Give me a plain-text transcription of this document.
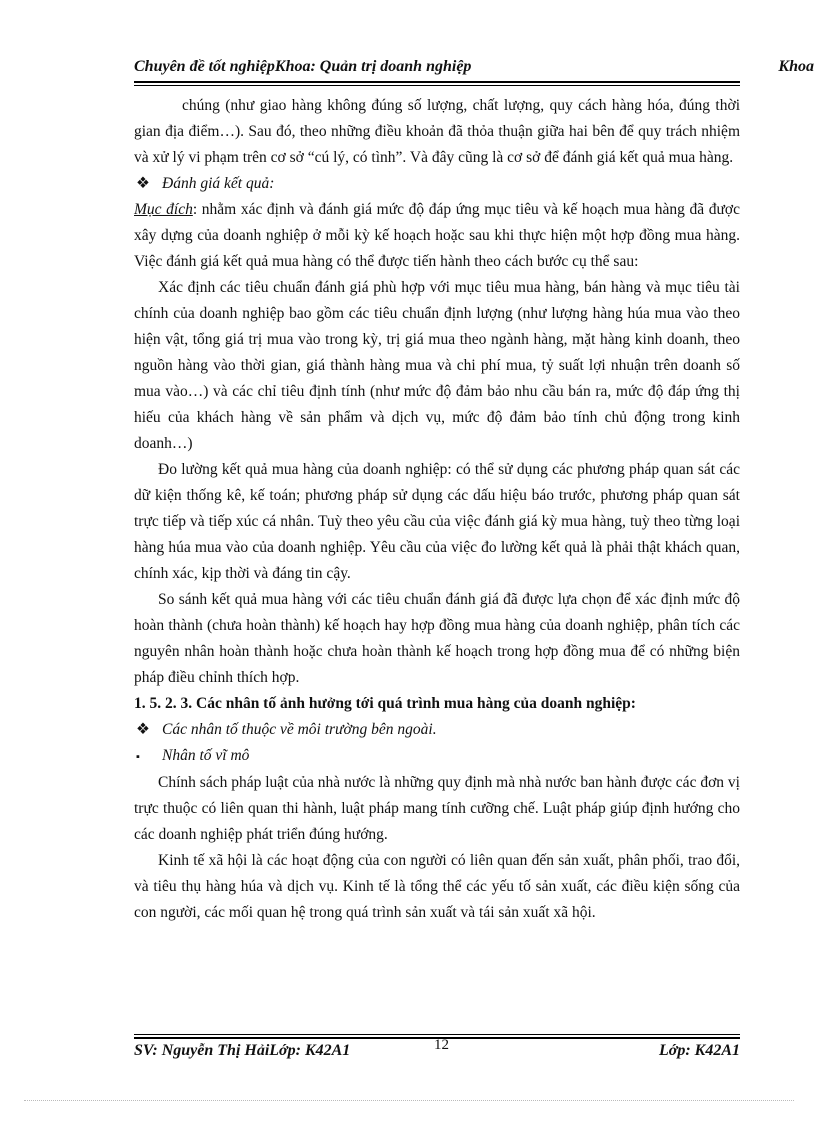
Chuyên đề tốt nghiệpKhoa: Quản trị doanh nghiệp	Khoa

chúng (như giao hàng không đúng số lượng, chất lượng, quy cách hàng hóa, đúng thời gian địa điểm…). Sau đó, theo những điều khoản đã thỏa thuận giữa hai bên để quy trách nhiệm và xử lý vi phạm trên cơ sở “cú lý, có tình”. Và đây cũng là cơ sở để đánh giá kết quả mua hàng.

❖ Đánh giá kết quả:

Mục đích: nhằm xác định và đánh giá mức độ đáp ứng mục tiêu và kế hoạch mua hàng đã được xây dựng của doanh nghiệp ở mỗi kỳ kế hoạch hoặc sau khi thực hiện một hợp đồng mua hàng. Việc đánh giá kết quả mua hàng có thể được tiến hành theo cách bước cụ thể sau:

Xác định các tiêu chuẩn đánh giá phù hợp với mục tiêu mua hàng, bán hàng và mục tiêu tài chính của doanh nghiệp bao gồm các tiêu chuẩn định lượng (như lượng hàng húa mua vào theo hiện vật, tổng giá trị mua vào trong kỳ, trị giá mua theo ngành hàng, mặt hàng kinh doanh, theo nguồn hàng vào thời gian, giá thành hàng mua và chi phí mua, tỷ suất lợi nhuận trên doanh số mua vào…) và các chỉ tiêu định tính (như mức độ đảm bảo nhu cầu bán ra, mức độ đáp ứng thị hiếu của khách hàng về sản phẩm và dịch vụ, mức độ đảm bảo tính chủ động trong kinh doanh…)

Đo lường kết quả mua hàng của doanh nghiệp: có thể sử dụng các phương pháp quan sát các dữ kiện thống kê, kế toán; phương pháp sử dụng các dấu hiệu báo trước, phương pháp quan sát trực tiếp và tiếp xúc cá nhân. Tuỳ theo yêu cầu của việc đánh giá kỳ mua hàng, tuỳ theo từng loại hàng húa mua vào của doanh nghiệp. Yêu cầu của việc đo lường kết quả là phải thật khách quan, chính xác, kịp thời và đáng tin cậy.

So sánh kết quả mua hàng với các tiêu chuẩn đánh giá đã được lựa chọn để xác định mức độ hoàn thành (chưa hoàn thành) kế hoạch hay hợp đồng mua hàng của doanh nghiệp, phân tích các nguyên nhân hoàn thành hoặc chưa hoàn thành kế hoạch trong hợp đồng mua để có những biện pháp điều chỉnh thích hợp.

1. 5. 2. 3. Các nhân tố ảnh hưởng tới quá trình mua hàng của doanh nghiệp:

❖ Các nhân tố thuộc về môi trường bên ngoài.

▪ Nhân tố vĩ mô

Chính sách pháp luật của nhà nước là những quy định mà nhà nước ban hành được các đơn vị trực thuộc có liên quan thi hành, luật pháp mang tính cưỡng chế. Luật pháp giúp định hướng cho các doanh nghiệp phát triển đúng hướng.

Kinh tế xã hội là các hoạt động của con người có liên quan đến sản xuất, phân phối, trao đổi, và tiêu thụ hàng húa và dịch vụ. Kinh tế là tổng thể các yếu tố sản xuất, các điều kiện sống của con người, các mối quan hệ trong quá trình sản xuất và tái sản xuất xã hội.

SV: Nguyễn Thị HảiLớp: K42A1	Lớp: K42A1
12
